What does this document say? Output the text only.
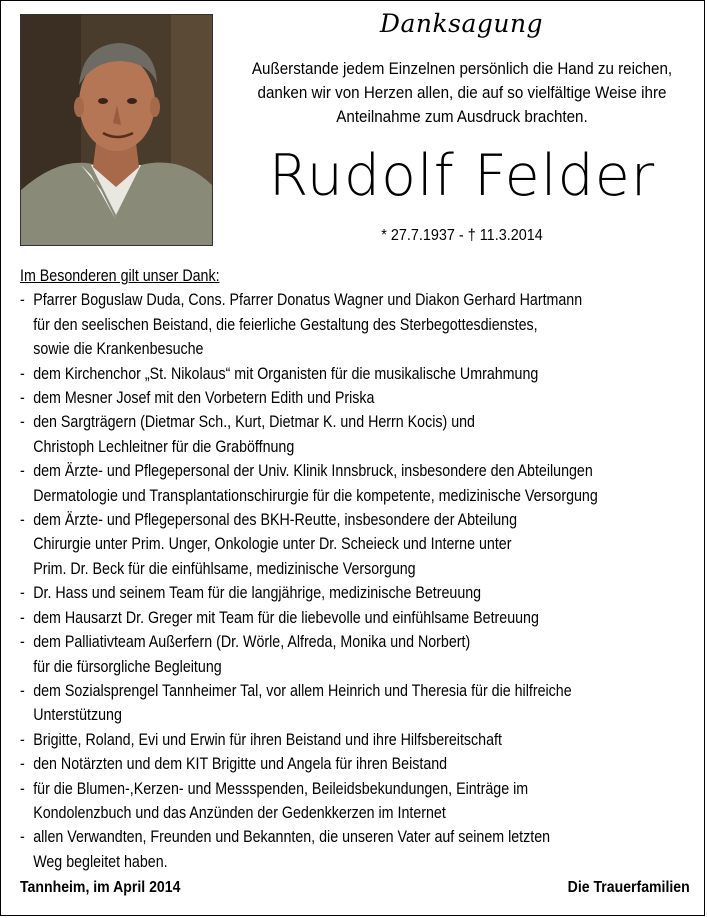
Danksagung
Außerstande jedem Einzelnen persönlich die Hand zu reichen,
danken wir von Herzen allen, die auf so vielfältige Weise ihre
Anteilnahme zum Ausdruck brachten.
Rudolf Felder
* 27.7.1937 - † 11.3.2014
Im Besonderen gilt unser Dank:
- Pfarrer Boguslaw Duda, Cons. Pfarrer Donatus Wagner und Diakon Gerhard Hartmann
für den seelischen Beistand, die feierliche Gestaltung des Sterbegottesdienstes,
sowie die Krankenbesuche
- dem Kirchenchor „St. Nikolaus“ mit Organisten für die musikalische Umrahmung
- dem Mesner Josef mit den Vorbetern Edith und Priska
- den Sargträgern (Dietmar Sch., Kurt, Dietmar K. und Herrn Kocis) und
Christoph Lechleitner für die Graböffnung
- dem Ärzte- und Pflegepersonal der Univ. Klinik Innsbruck, insbesondere den Abteilungen
Dermatologie und Transplantationschirurgie für die kompetente, medizinische Versorgung
- dem Ärzte- und Pflegepersonal des BKH-Reutte, insbesondere der Abteilung
Chirurgie unter Prim. Unger, Onkologie unter Dr. Scheieck und Interne unter
Prim. Dr. Beck für die einfühlsame, medizinische Versorgung
- Dr. Hass und seinem Team für die langjährige, medizinische Betreuung
- dem Hausarzt Dr. Greger mit Team für die liebevolle und einfühlsame Betreuung
- dem Palliativteam Außerfern (Dr. Wörle, Alfreda, Monika und Norbert)
für die fürsorgliche Begleitung
- dem Sozialsprengel Tannheimer Tal, vor allem Heinrich und Theresia für die hilfreiche
Unterstützung
- Brigitte, Roland, Evi und Erwin für ihren Beistand und ihre Hilfsbereitschaft
- den Notärzten und dem KIT Brigitte und Angela für ihren Beistand
- für die Blumen-,Kerzen- und Messspenden, Beileidsbekundungen, Einträge im
Kondolenzbuch und das Anzünden der Gedenkkerzen im Internet
- allen Verwandten, Freunden und Bekannten, die unseren Vater auf seinem letzten
Weg begleitet haben.
Tannheim, im April 2014	Die Trauerfamilien
